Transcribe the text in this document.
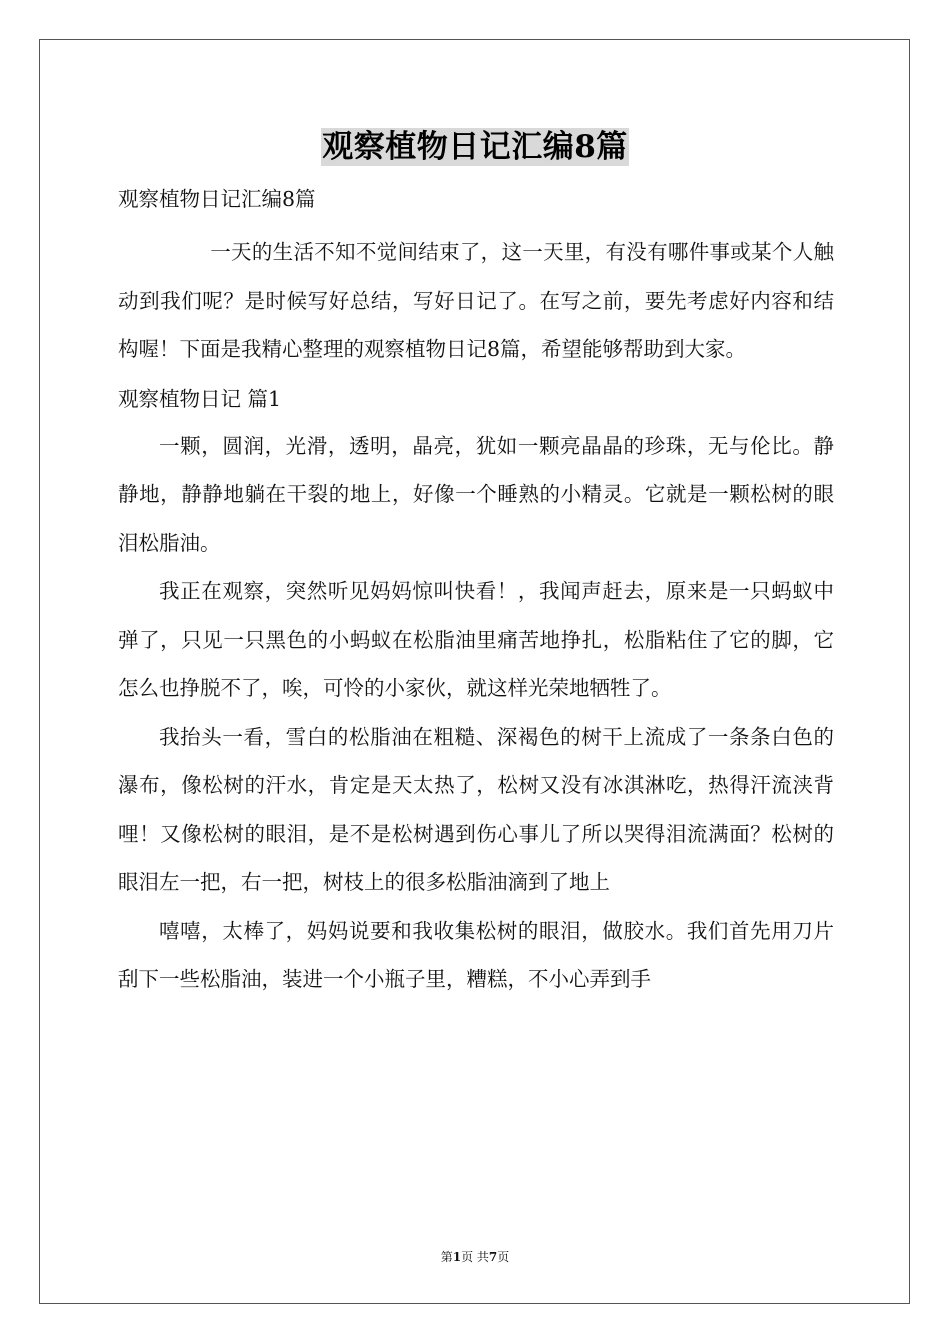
观察植物日记汇编8篇

观察植物日记汇编8篇

一天的生活不知不觉间结束了，这一天里，有没有哪件事或某个人触动到我们呢？是时候写好总结，写好日记了。在写之前，要先考虑好内容和结构喔！下面是我精心整理的观察植物日记8篇，希望能够帮助到大家。

观察植物日记 篇1

一颗，圆润，光滑，透明，晶亮，犹如一颗亮晶晶的珍珠，无与伦比。静静地，静静地躺在干裂的地上，好像一个睡熟的小精灵。它就是一颗松树的眼泪松脂油。

我正在观察，突然听见妈妈惊叫快看！，我闻声赶去，原来是一只蚂蚁中弹了，只见一只黑色的小蚂蚁在松脂油里痛苦地挣扎，松脂粘住了它的脚，它怎么也挣脱不了，唉，可怜的小家伙，就这样光荣地牺牲了。

我抬头一看，雪白的松脂油在粗糙、深褐色的树干上流成了一条条白色的瀑布，像松树的汗水，肯定是天太热了，松树又没有冰淇淋吃，热得汗流浃背哩！又像松树的眼泪，是不是松树遇到伤心事儿了所以哭得泪流满面？松树的眼泪左一把，右一把，树枝上的很多松脂油滴到了地上

嘻嘻，太棒了，妈妈说要和我收集松树的眼泪，做胶水。我们首先用刀片刮下一些松脂油，装进一个小瓶子里，糟糕，不小心弄到手

第1页 共7页
